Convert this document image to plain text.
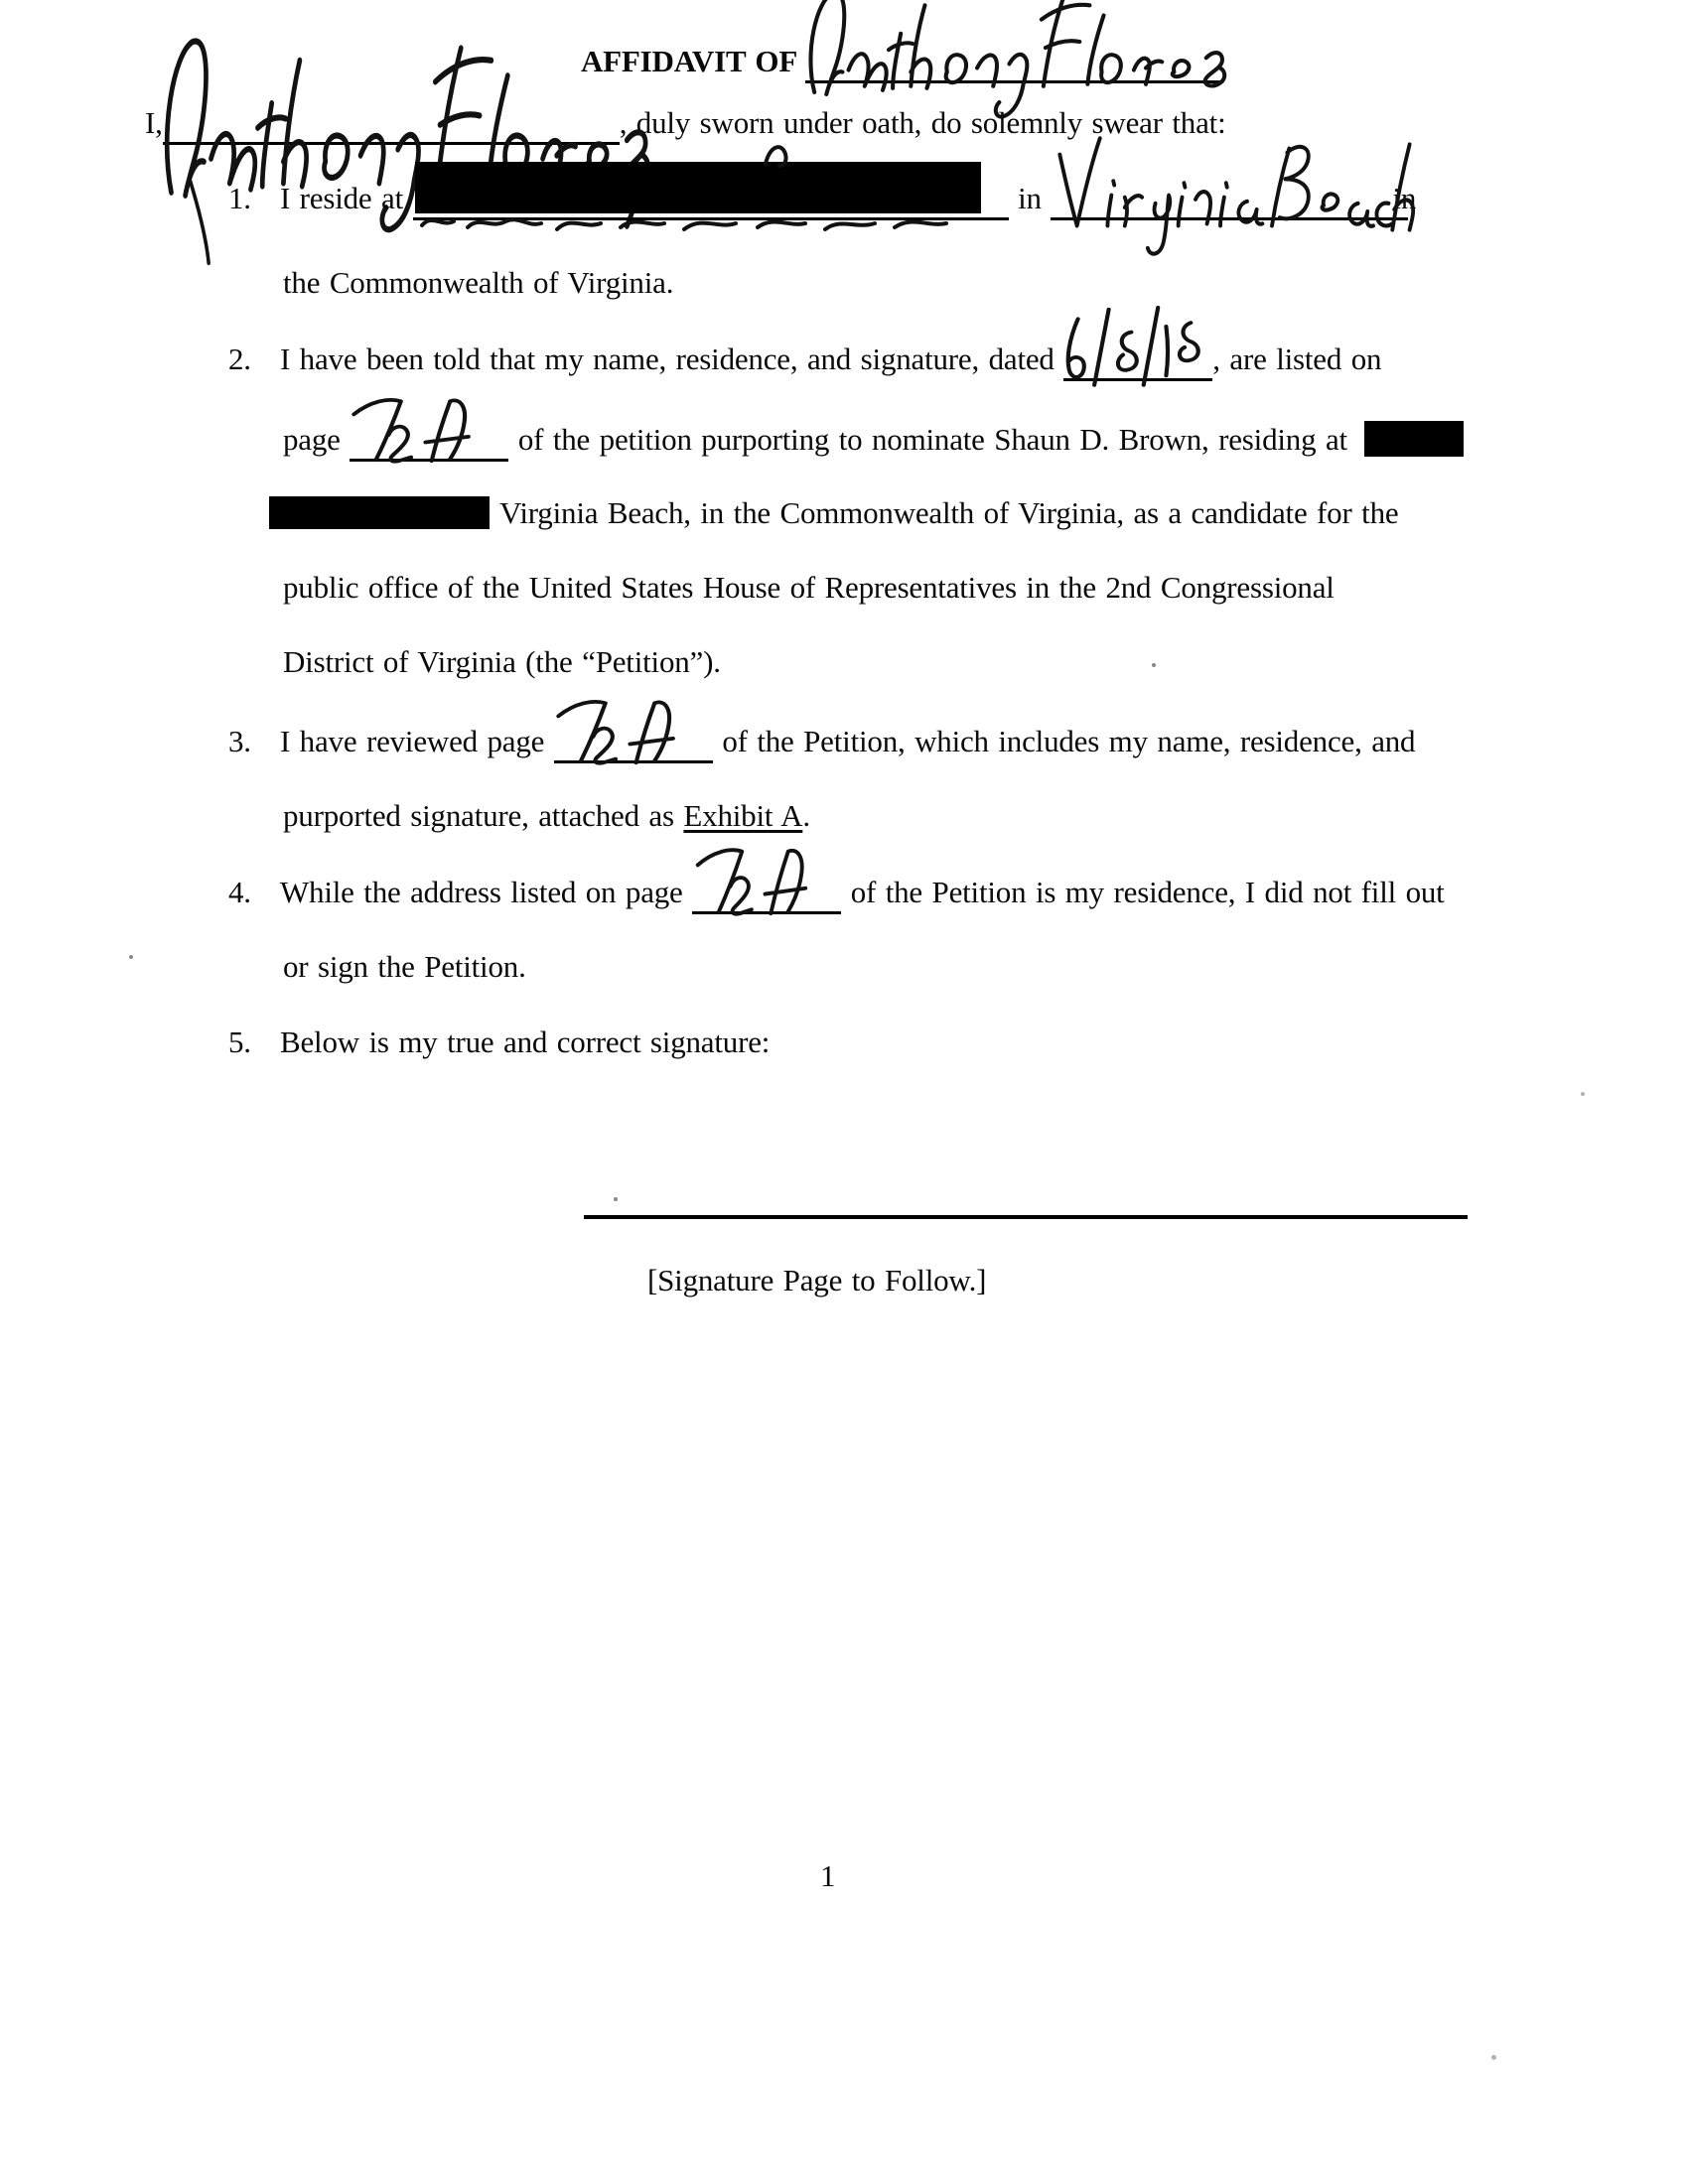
AFFIDAVIT OF
I,	, duly sworn under oath, do solemnly swear that:
1. I reside at	in	in
the Commonwealth of Virginia.
2. I have been told that my name, residence, and signature, dated	, are listed on
page	of the petition purporting to nominate Shaun D. Brown, residing at
Virginia Beach, in the Commonwealth of Virginia, as a candidate for the
public office of the United States House of Representatives in the 2nd Congressional
District of Virginia (the “Petition”).
3. I have reviewed page	of the Petition, which includes my name, residence, and
purported signature, attached as Exhibit A.
4. While the address listed on page	of the Petition is my residence, I did not fill out
or sign the Petition.
5. Below is my true and correct signature:
[Signature Page to Follow.]
1
